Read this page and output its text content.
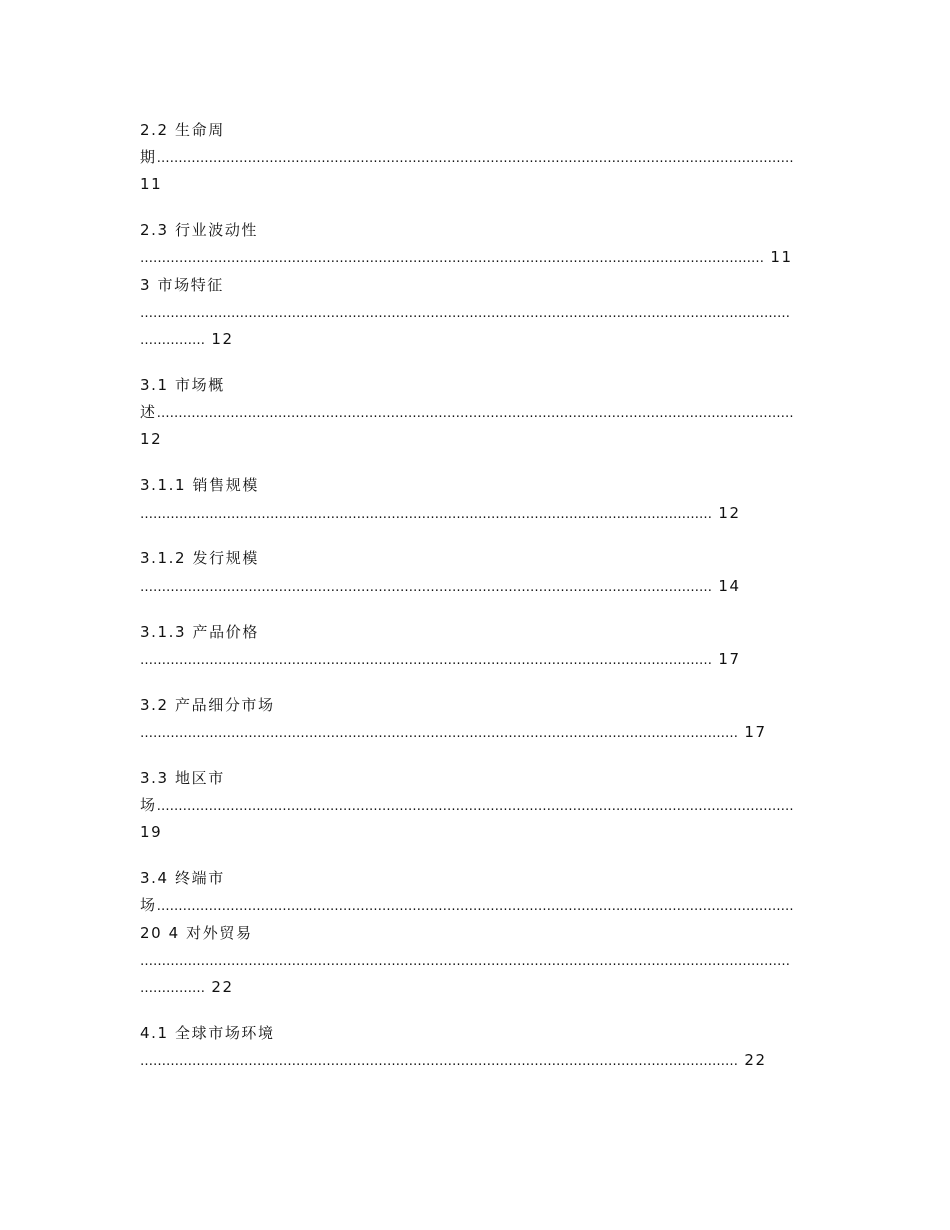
2.2 生命周
期…………………………………………………………………………………………………………………………………
11
2.3 行业波动性
……………………………………………………………………………………………………………………………… 11
3 市场特征
……………………………………………………………………………………………………………………………………
…………… 12
3.1 市场概
述…………………………………………………………………………………………………………………………………
12
3.1.1 销售规模
…………………………………………………………………………………………………………………… 12
3.1.2 发行规模
…………………………………………………………………………………………………………………… 14
3.1.3 产品价格
…………………………………………………………………………………………………………………… 17
3.2 产品细分市场
………………………………………………………………………………………………………………………… 17
3.3 地区市
场…………………………………………………………………………………………………………………………………
19
3.4 终端市
场…………………………………………………………………………………………………………………………………
20 4 对外贸易
……………………………………………………………………………………………………………………………………
…………… 22
4.1 全球市场环境
………………………………………………………………………………………………………………………… 22
